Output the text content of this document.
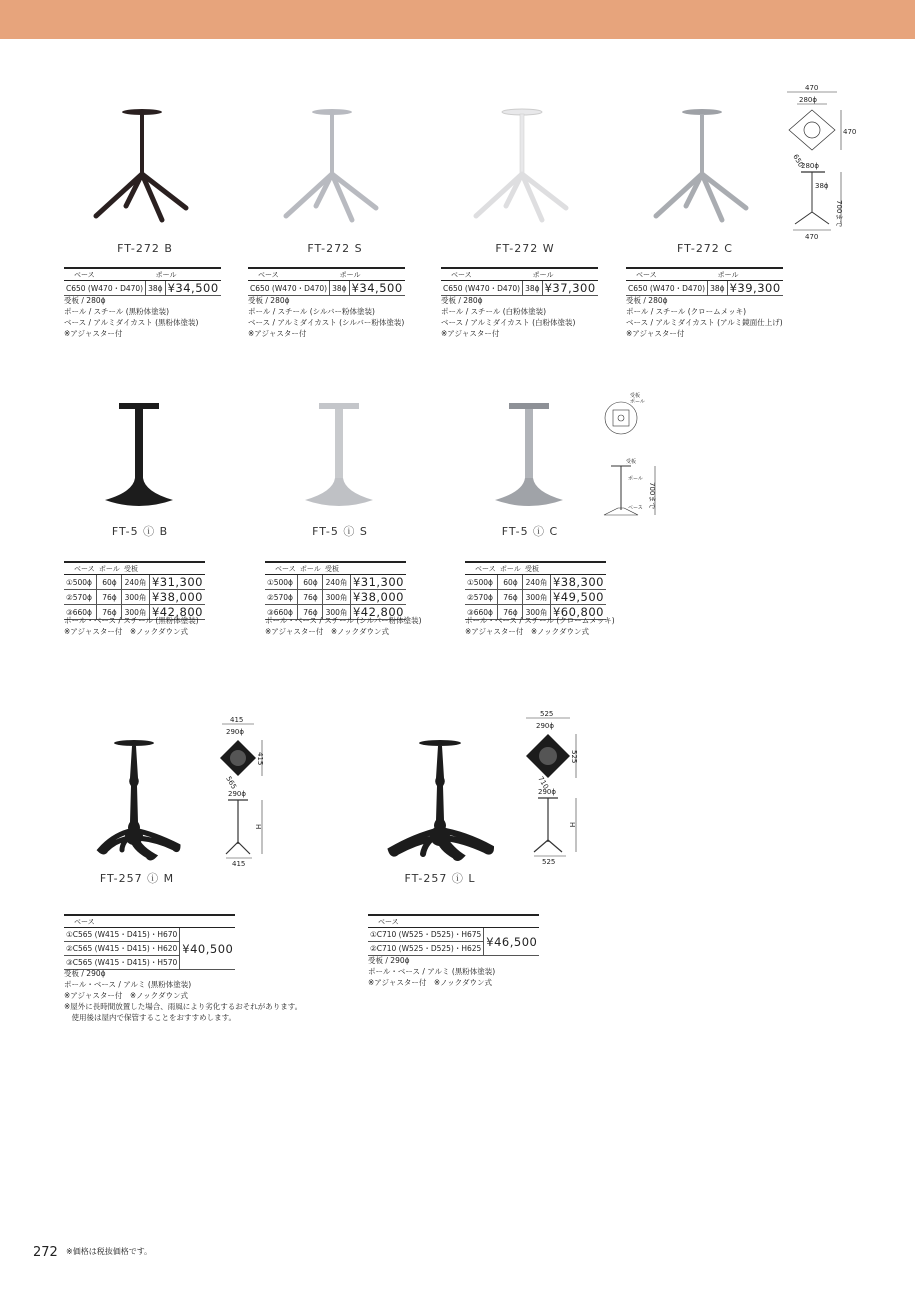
470
280ϕ
470
650
280ϕ
38ϕ
700まで
470
FT-272 B	FT-272 S	FT-272 W	FT-272 C
ベース	ポール	
C650 (W470・D470)	38ϕ	¥34,500
ベース	ポール	
C650 (W470・D470)	38ϕ	¥34,500
ベース	ポール	
C650 (W470・D470)	38ϕ	¥37,300
ベース	ポール	
C650 (W470・D470)	38ϕ	¥39,300
受板 / 280ϕ
ポール / スチール (黒粉体塗装)
ベース / アルミダイカスト (黒粉体塗装)
※アジャスター付
受板 / 280ϕ
ポール / スチール (シルバー粉体塗装)
ベース / アルミダイカスト (シルバー粉体塗装)
※アジャスター付
受板 / 280ϕ
ポール / スチール (白粉体塗装)
ベース / アルミダイカスト (白粉体塗装)
※アジャスター付
受板 / 280ϕ
ポール / スチール (クロームメッキ)
ベース / アルミダイカスト (アルミ鏡面仕上げ)
※アジャスター付
受板
ポール
受板
ポール
ベース 700まで
FT-5 ⓘ B	FT-5 ⓘ S	FT-5 ⓘ C
ベース	ポール	受板	
①500ϕ	60ϕ	240角	¥31,300
②570ϕ	76ϕ	300角	¥38,000
③660ϕ	76ϕ	300角	¥42,800
ベース	ポール	受板	
①500ϕ	60ϕ	240角	¥31,300
②570ϕ	76ϕ	300角	¥38,000
③660ϕ	76ϕ	300角	¥42,800
ベース	ポール	受板	
①500ϕ	60ϕ	240角	¥38,300
②570ϕ	76ϕ	300角	¥49,500
③660ϕ	76ϕ	300角	¥60,800
ポール・ベース / スチール (黒粉体塗装)
※アジャスター付　※ノックダウン式
ポール・ベース / スチール (シルバー粉体塗装)
※アジャスター付　※ノックダウン式
ポール・ベース / スチール (クロームメッキ)
※アジャスター付　※ノックダウン式
415
290ϕ
415
565
290ϕ
H
415
525
290ϕ
525
710
290ϕ
H
525
FT-257 ⓘ M	FT-257 ⓘ L
ベース
①C565 (W415・D415)・H670	¥40,500
②C565 (W415・D415)・H620
③C565 (W415・D415)・H570
ベース
①C710 (W525・D525)・H675	¥46,500
②C710 (W525・D525)・H625
受板 / 290ϕ
ポール・ベース / アルミ (黒粉体塗装)
※アジャスター付　※ノックダウン式
※屋外に長時間放置した場合、雨風により劣化するおそれがあります。
　使用後は屋内で保管することをおすすめします。
受板 / 290ϕ
ポール・ベース / アルミ (黒粉体塗装)
※アジャスター付　※ノックダウン式
272 ※価格は税抜価格です。
